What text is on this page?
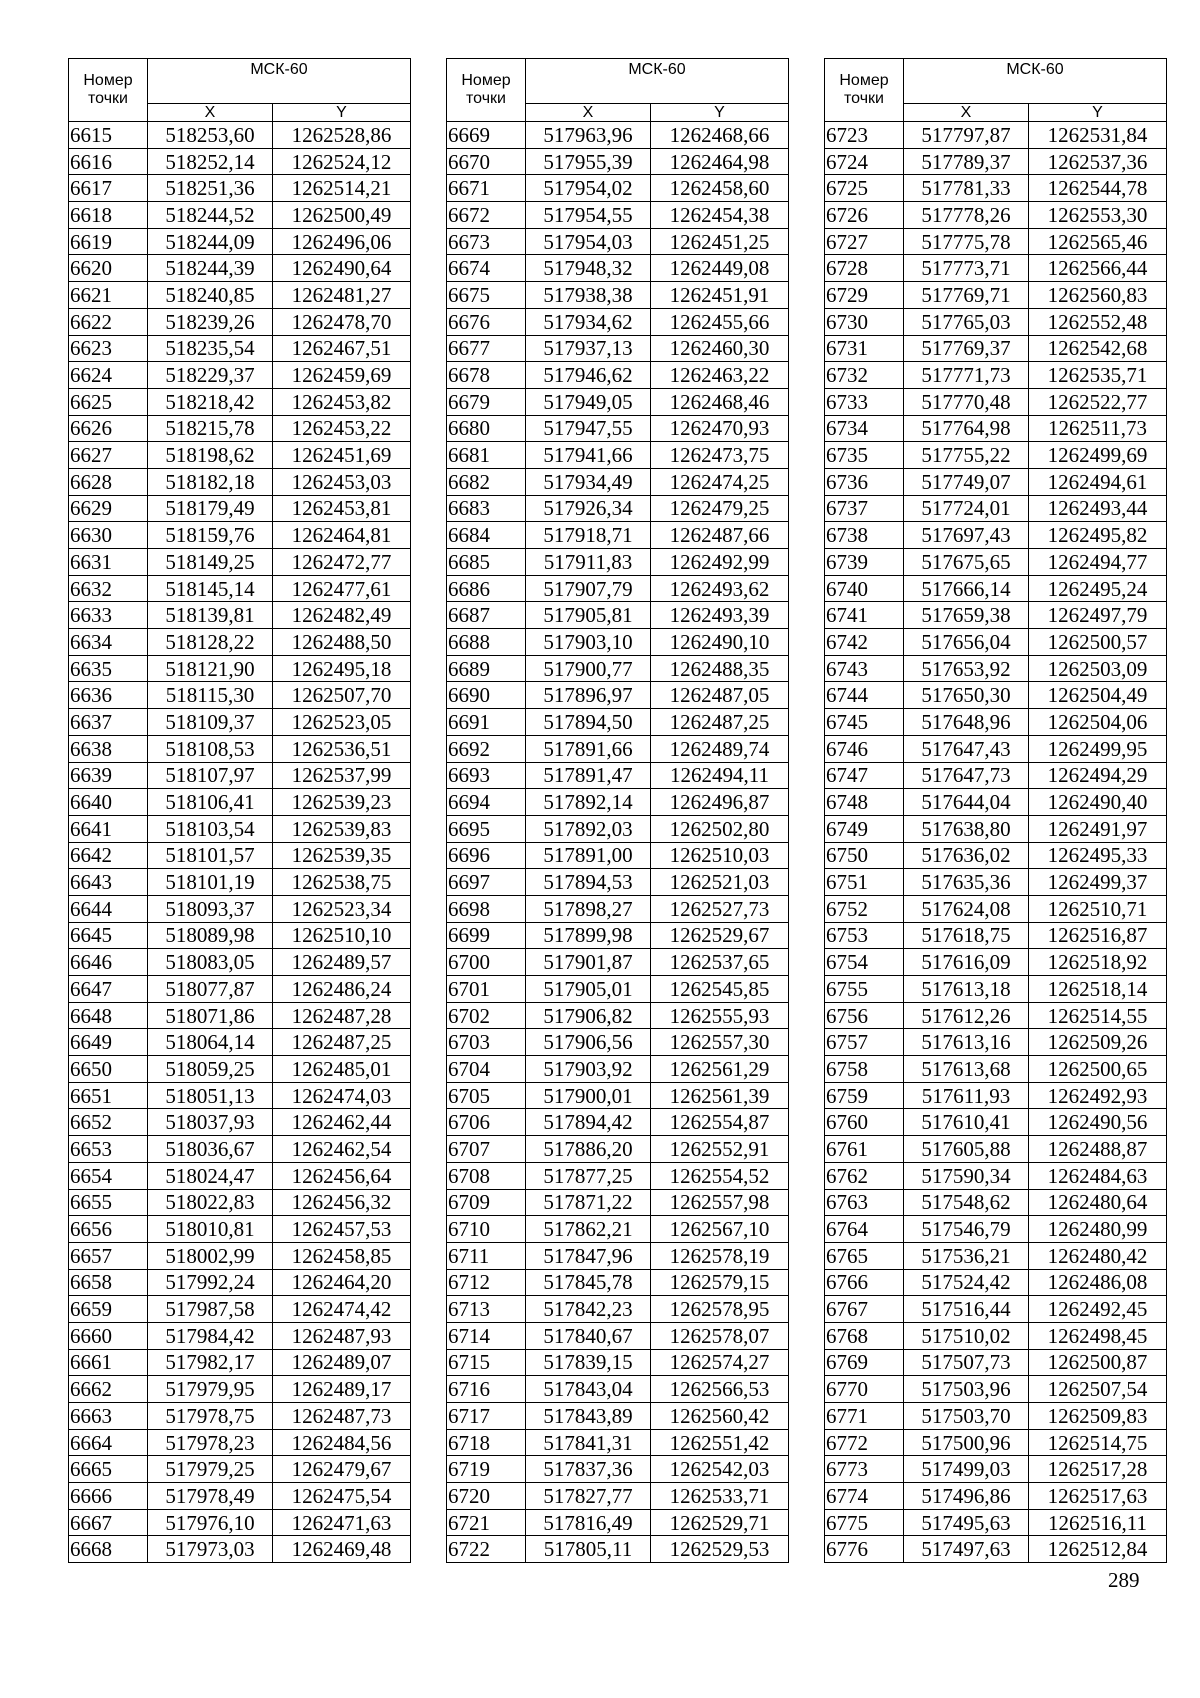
Номер точки	МСК-60	
	X	Y
6615	518253,60	1262528,86
6616	518252,14	1262524,12
6617	518251,36	1262514,21
6618	518244,52	1262500,49
6619	518244,09	1262496,06
6620	518244,39	1262490,64
6621	518240,85	1262481,27
6622	518239,26	1262478,70
6623	518235,54	1262467,51
6624	518229,37	1262459,69
6625	518218,42	1262453,82
6626	518215,78	1262453,22
6627	518198,62	1262451,69
6628	518182,18	1262453,03
6629	518179,49	1262453,81
6630	518159,76	1262464,81
6631	518149,25	1262472,77
6632	518145,14	1262477,61
6633	518139,81	1262482,49
6634	518128,22	1262488,50
6635	518121,90	1262495,18
6636	518115,30	1262507,70
6637	518109,37	1262523,05
6638	518108,53	1262536,51
6639	518107,97	1262537,99
6640	518106,41	1262539,23
6641	518103,54	1262539,83
6642	518101,57	1262539,35
6643	518101,19	1262538,75
6644	518093,37	1262523,34
6645	518089,98	1262510,10
6646	518083,05	1262489,57
6647	518077,87	1262486,24
6648	518071,86	1262487,28
6649	518064,14	1262487,25
6650	518059,25	1262485,01
6651	518051,13	1262474,03
6652	518037,93	1262462,44
6653	518036,67	1262462,54
6654	518024,47	1262456,64
6655	518022,83	1262456,32
6656	518010,81	1262457,53
6657	518002,99	1262458,85
6658	517992,24	1262464,20
6659	517987,58	1262474,42
6660	517984,42	1262487,93
6661	517982,17	1262489,07
6662	517979,95	1262489,17
6663	517978,75	1262487,73
6664	517978,23	1262484,56
6665	517979,25	1262479,67
6666	517978,49	1262475,54
6667	517976,10	1262471,63
6668	517973,03	1262469,48
Номер точки	МСК-60	
	X	Y
6669	517963,96	1262468,66
6670	517955,39	1262464,98
6671	517954,02	1262458,60
6672	517954,55	1262454,38
6673	517954,03	1262451,25
6674	517948,32	1262449,08
6675	517938,38	1262451,91
6676	517934,62	1262455,66
6677	517937,13	1262460,30
6678	517946,62	1262463,22
6679	517949,05	1262468,46
6680	517947,55	1262470,93
6681	517941,66	1262473,75
6682	517934,49	1262474,25
6683	517926,34	1262479,25
6684	517918,71	1262487,66
6685	517911,83	1262492,99
6686	517907,79	1262493,62
6687	517905,81	1262493,39
6688	517903,10	1262490,10
6689	517900,77	1262488,35
6690	517896,97	1262487,05
6691	517894,50	1262487,25
6692	517891,66	1262489,74
6693	517891,47	1262494,11
6694	517892,14	1262496,87
6695	517892,03	1262502,80
6696	517891,00	1262510,03
6697	517894,53	1262521,03
6698	517898,27	1262527,73
6699	517899,98	1262529,67
6700	517901,87	1262537,65
6701	517905,01	1262545,85
6702	517906,82	1262555,93
6703	517906,56	1262557,30
6704	517903,92	1262561,29
6705	517900,01	1262561,39
6706	517894,42	1262554,87
6707	517886,20	1262552,91
6708	517877,25	1262554,52
6709	517871,22	1262557,98
6710	517862,21	1262567,10
6711	517847,96	1262578,19
6712	517845,78	1262579,15
6713	517842,23	1262578,95
6714	517840,67	1262578,07
6715	517839,15	1262574,27
6716	517843,04	1262566,53
6717	517843,89	1262560,42
6718	517841,31	1262551,42
6719	517837,36	1262542,03
6720	517827,77	1262533,71
6721	517816,49	1262529,71
6722	517805,11	1262529,53
Номер точки	МСК-60	
	X	Y
6723	517797,87	1262531,84
6724	517789,37	1262537,36
6725	517781,33	1262544,78
6726	517778,26	1262553,30
6727	517775,78	1262565,46
6728	517773,71	1262566,44
6729	517769,71	1262560,83
6730	517765,03	1262552,48
6731	517769,37	1262542,68
6732	517771,73	1262535,71
6733	517770,48	1262522,77
6734	517764,98	1262511,73
6735	517755,22	1262499,69
6736	517749,07	1262494,61
6737	517724,01	1262493,44
6738	517697,43	1262495,82
6739	517675,65	1262494,77
6740	517666,14	1262495,24
6741	517659,38	1262497,79
6742	517656,04	1262500,57
6743	517653,92	1262503,09
6744	517650,30	1262504,49
6745	517648,96	1262504,06
6746	517647,43	1262499,95
6747	517647,73	1262494,29
6748	517644,04	1262490,40
6749	517638,80	1262491,97
6750	517636,02	1262495,33
6751	517635,36	1262499,37
6752	517624,08	1262510,71
6753	517618,75	1262516,87
6754	517616,09	1262518,92
6755	517613,18	1262518,14
6756	517612,26	1262514,55
6757	517613,16	1262509,26
6758	517613,68	1262500,65
6759	517611,93	1262492,93
6760	517610,41	1262490,56
6761	517605,88	1262488,87
6762	517590,34	1262484,63
6763	517548,62	1262480,64
6764	517546,79	1262480,99
6765	517536,21	1262480,42
6766	517524,42	1262486,08
6767	517516,44	1262492,45
6768	517510,02	1262498,45
6769	517507,73	1262500,87
6770	517503,96	1262507,54
6771	517503,70	1262509,83
6772	517500,96	1262514,75
6773	517499,03	1262517,28
6774	517496,86	1262517,63
6775	517495,63	1262516,11
6776	517497,63	1262512,84
289
